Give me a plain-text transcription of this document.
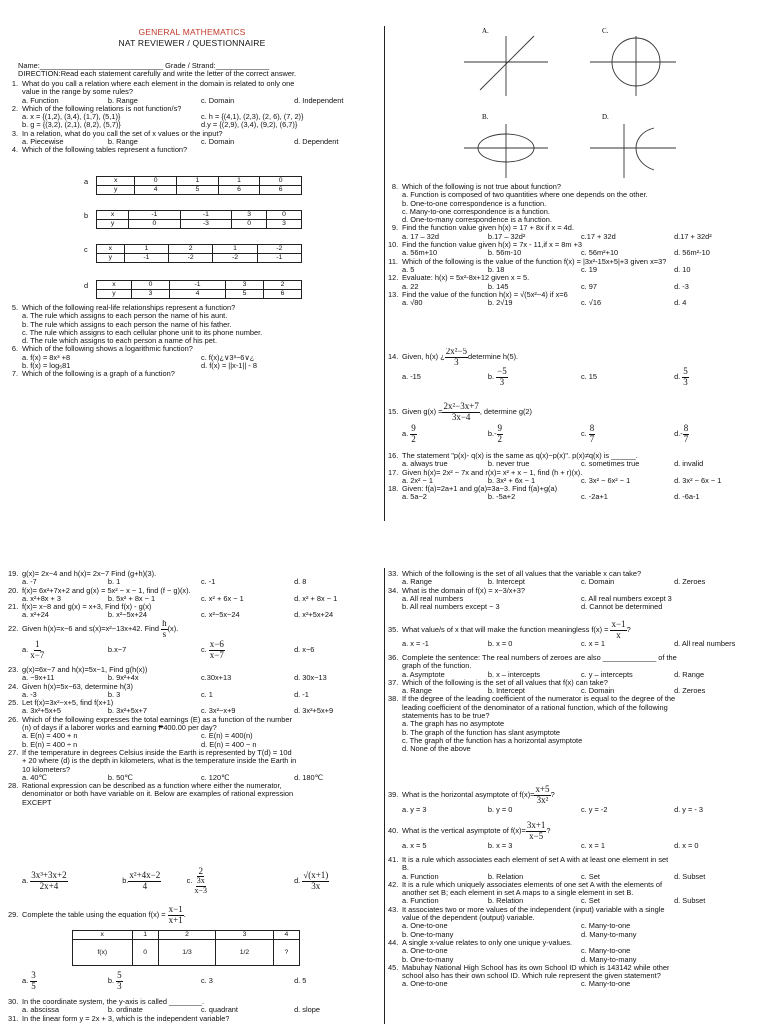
GENERAL MATHEMATICS
NAT REVIEWER / QUESTIONNAIRE
Name:______________________________ Grade / Strand:_____________
DIRECTION:Read each statement carefully and write the letter of the correct answer.
1. What do you call a relation where each element in the domain is related to only one
value in the range by some rules?
a. Function	b. Range	c. Domain	d. Independent
2. Which of the following relations is not function/s?
a. x = {(1,2), (3,4), (1,7), (5,1)}	c. h = {(4,1), (2,3), (2, 6), (7, 2)}
b. g = {(3,2), (2,1), (8,2), (5,7)}	d.y = {(2,9), (3,4), (9,2), (6,7)}
3. In a relation, what do you call the set of x values or the input?
a. Piecewise	b. Range	c. Domain	d. Dependent
4. Which of the following tables represent a function?
a	x	0	1	1	0
y	4	5	6	6
b	x	-1	-1	3	0
y	0	-3	0	3
c	x	1	2	1	-2
y	-1	-2	-2	-1
d	x	0	-1	3	2
y	3	4	5	6
5. Which of the following real-life relationships represent a function?
a. The rule which assigns to each person the name of his aunt.
b. The rule which assigns to each person the name of his father.
c. The rule which assigns to each cellular phone unit to its phone number.
d. The rule which assigns to each person a name of his pet.
6. Which of the following shows a logarithmic function?
a. f(x) = 8x³ +8	c. f(x)¿∨3³−6∨¿
b. f(x) = log₅81	d. f(x) = ||x-1|| - 8
7. Which of the following is a graph of a function?
A.	C.
B.	D.
8. Which of the following is not true about function?
a. Function is composed of two quantities where one depends on the other.
b. One-to-one correspondence is a function.
c. Many-to-one correspondence is a function.
d. One-to-many correspondence is a function.
9. Find the function value given h(x) = 17 + 8x if x = 4d.
a. 17 – 32d	b.17 – 32d²	c.17 + 32d	d.17 + 32d²
10. Find the function value given h(x) = 7x - 11,if x = 8m +3
a. 56m+10	b. 56m-10	c. 56m²+10	d. 56m²-10
11. Which of the following is the value of the function f(x) = |3x²-15x+5|+3 given x=3?
a. 5	b. 18	c. 19	d. 10
12. Evaluate: h(x) = 5x²-8x+12 given x = 5.
a. 22	b. 145	c. 97	d. -3
13. Find the value of the function h(x) = √(5x²−4) if x=6
a. √80	b. 2√19	c. √16	d. 4
14. Given, h(x) ¿ $\frac{\text{2x²−5}}{3}$ determine h(5).
a. -15	b. $\frac{-5}{3}$	c. 15	d. $\frac{5}{3}$
15. Given $g(x) = \frac{\text{2x²−3x+7}}{3x-4}$ , determine g(2)
a. $\frac{9}{2}$	$b.- \frac{9}{2}$	c. $\frac{8}{7}$	$d.- \frac{8}{7}$
16. The statement "p(x)- q(x) is the same as q(x)−p(x)". p(x)≠q(x) is ______.
a. always true	b. never true	c. sometimes true	d. invalid
17. Given h(x)= 2x² − 7x and r(x)= x² + x − 1, find (h + r)(x).
a. 2x² − 1	b. 3x² + 6x − 1	c. 3x² − 6x² − 1	d. 3x² − 6x − 1
18. Given: f(a)=2a+1 and g(a)=3a−3. Find f(a)+g(a)
a. 5a−2	b. -5a+2	c. -2a+1	d. -6a-1
19. g(x)= 2x−4 and h(x)= 2x−7 Find (g+h)(3).
a. -7	b. 1	c. -1	d. 8
20. f(x)= 6x²+7x+2 and g(x) = 5x² − x − 1, find (f − g)(x).
a. x²+8x + 3	b. 5x² + 8x − 1	c. x² + 6x − 1	d. x² + 8x − 1
21. f(x)= x−8 and g(x) = x+3, Find f(x) - g(x)
a. x²+24	b. x²−5x+24	c. x²−5x−24	d. x²+5x+24
22. Given h(x)=x−6 and s(x)=x²−13x+42. Find
$\frac{h}{s} (x)$.
a. $\frac{1}{x-7}$	b.x−7	c. $\frac{x-6}{x-7}$	d. x−6
23. g(x)=6x−7 and h(x)=5x−1, Find g(h(x))
a. −9x+11	b. 9x²+4x	c.30x+13	d. 30x−13
24. Given h(x)=5x−63, determine h(3)
a. -3	b. 3	c. 1	d. -1
25. Let f(x)=3x²−x+5, find f(x+1)
a. 3x²+5x+5	b. 3x²+5x+7	c. 3x²−x+9	d. 3x²+5x+9
26. Which of the following expresses the total earnings (E) as a function of the number
(n) of days if a laborer works and earning ₱400.00 per day?
a. E(n) = 400 + n	c. E(n) = 400(n)
b. E(n) = 400 ÷ n	d. E(n) = 400 − n
27. If the temperature in degrees Celsius inside the Earth is represented by T(d) = 10d
+ 20 where (d) is the depth in kilometers, what is the temperature inside the Earth in
10 kilometers?
a. 40℃	b. 50℃	c. 120℃	d. 180℃
28. Rational expression can be described as a function where either the numerator,
denominator or both have variable on it. Below are examples of rational expression
EXCEPT
a. $\frac{\text{3x³+3x+2}}{2x+4}$	b. $\frac{\text{x²+4x−2}}{4}$	c. $\frac{2}{\frac{3x}{x-3}}$	d. $\frac{√(x+1)}{3x}$
29. Complete the table using the equation f(x) =
$\frac{x-1}{x+1}$ .
x	1	2	3	4
f(x)	0	1/3	1/2	?
a. $\frac{3}{5}$	b. $\frac{5}{3}$	c. 3	d. 5
30. In the coordinate system, the y-axis is called ________.
a. abscissa	b. ordinate	c. quadrant	d. slope
31. In the linear form y = 2x + 3, which is the independent variable?
33. Which of the following is the set of all values that the variable x can take?
a. Range	b. Intercept	c. Domain	d. Zeroes
34. What is the domain of f(x) = x−3/x+3?
a. All real numbers	c. All real numbers except 3
b. All real numbers except − 3	d. Cannot be determined
35. What value/s of x that will make the function meaningless f(x) =
$\frac{x-1}{x}$ ?
a. x = -1	b. x = 0	c. x = 1	d. All real numbers
36. Complete the sentence: The real numbers of zeroes are also _____________ of the
graph of the function.
a. Asymptote	b. x – intercepts	c. y – intercepts	d. Range
37. Which of the following is the set of all values that f(x) can take?
a. Range	b. Intercept	c. Domain	d. Zeroes
38. If the degree of the leading coefficient of the numerator is equal to the degree of the
leading coefficient of the denominator of a rational function, which of the following
statements has to be true?
a. The graph has no asymptote
b. The graph of the function has slant asymptote
c. The graph of the function has a horizontal asymptote
d. None of the above
39. What is the horizontal asymptote of $f(x)= \frac{x+5}{\text{3x²}}$ ?
a. y = 3	b. y = 0	c. y = -2	d. y = - 3
40. What is the vertical asymptote of $f(x)= \frac{3x+1}{x-5}$ ?
a. x = 5	b. x = 3	c. x = 1	d. x = 0
41. It is a rule which associates each element of set A with at least one element in set
B.
a. Function	b. Relation	c. Set	d. Subset
42. It is a rule which uniquely associates elements of one set A with the elements of
another set B; each element in set A maps to a single element in set B.
a. Function	b. Relation	c. Set	d. Subset
43. It associates two or more values of the independent (input) variable with a single
value of the dependent (output) variable.
a. One-to-one	c. Many-to-one
b. One-to-many	d. Many-to-many
44. A single x-value relates to only one unique y-values.
a. One-to-one	c. Many-to-one
b. One-to-many	d. Many-to-many
45. Mabuhay National High School has its own School ID which is 143142 while other
school also has their own school ID. Which rule represent the given statement?
a. One-to-one	c. Many-to-one
